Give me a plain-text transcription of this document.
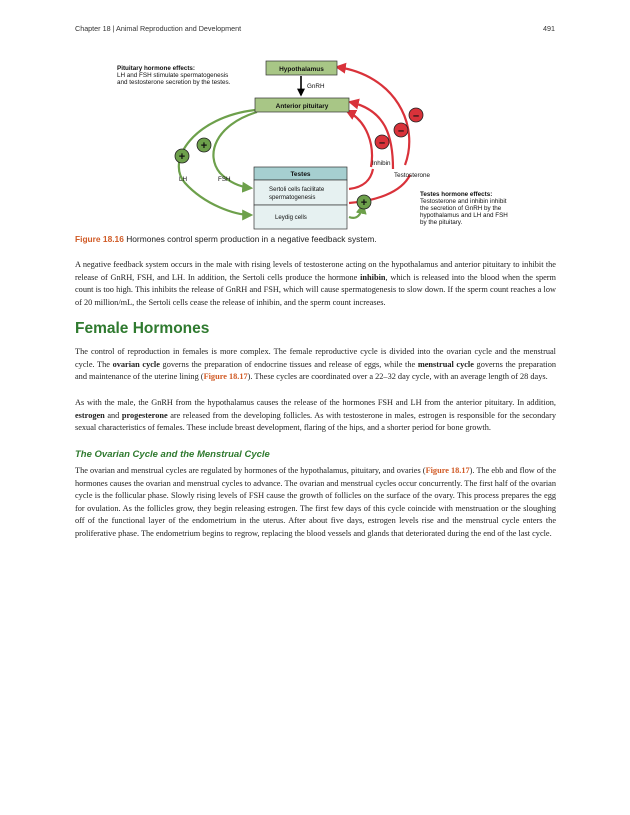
Chapter 18 | Animal Reproduction and Development	491
Pituitary hormone effects:
LH and FSH stimulate spermatogenesis
and testosterone secretion by the testes.
GnRH
Hypothalamus
Anterior pituitary
Testes
Sertoli cells facilitate
spermatogenesis
Leydig cells
LH	FSH
Inhibin
Testosterone
+
+
+
–
–
–
Testes hormone effects:
Testosterone and inhibin inhibit
the secretion of GnRH by the
hypothalamus and LH and FSH
by the pituitary.
Figure 18.16 Hormones control sperm production in a negative feedback system.

A negative feedback system occurs in the male with rising levels of testosterone acting on the hypothalamus and anterior pituitary to inhibit the release of GnRH, FSH, and LH. In addition, the Sertoli cells produce the hormone inhibin, which is released into the blood when the sperm count is too high. This inhibits the release of GnRH and FSH, which will cause spermatogenesis to slow down. If the sperm count reaches a low of 20 million/mL, the Sertoli cells cease the release of inhibin, and the sperm count increases.

Female Hormones

The control of reproduction in females is more complex. The female reproductive cycle is divided into the ovarian cycle and the menstrual cycle. The ovarian cycle governs the preparation of endocrine tissues and release of eggs, while the menstrual cycle governs the preparation and maintenance of the uterine lining (Figure 18.17). These cycles are coordinated over a 22–32 day cycle, with an average length of 28 days.

As with the male, the GnRH from the hypothalamus causes the release of the hormones FSH and LH from the anterior pituitary. In addition, estrogen and progesterone are released from the developing follicles. As with testosterone in males, estrogen is responsible for the secondary sexual characteristics of females. These include breast development, flaring of the hips, and a shorter period for bone growth.

The Ovarian Cycle and the Menstrual Cycle

The ovarian and menstrual cycles are regulated by hormones of the hypothalamus, pituitary, and ovaries (Figure 18.17). The ebb and flow of the hormones causes the ovarian and menstrual cycles to advance. The ovarian and menstrual cycles occur concurrently. The first half of the ovarian cycle is the follicular phase. Slowly rising levels of FSH cause the growth of follicles on the surface of the ovary. This process prepares the egg for ovulation. As the follicles grow, they begin releasing estrogen. The first few days of this cycle coincide with menstruation or the sloughing off of the functional layer of the endometrium in the uterus. After about five days, estrogen levels rise and the menstrual cycle enters the proliferative phase. The endometrium begins to regrow, replacing the blood vessels and glands that deteriorated during the end of the last cycle.
